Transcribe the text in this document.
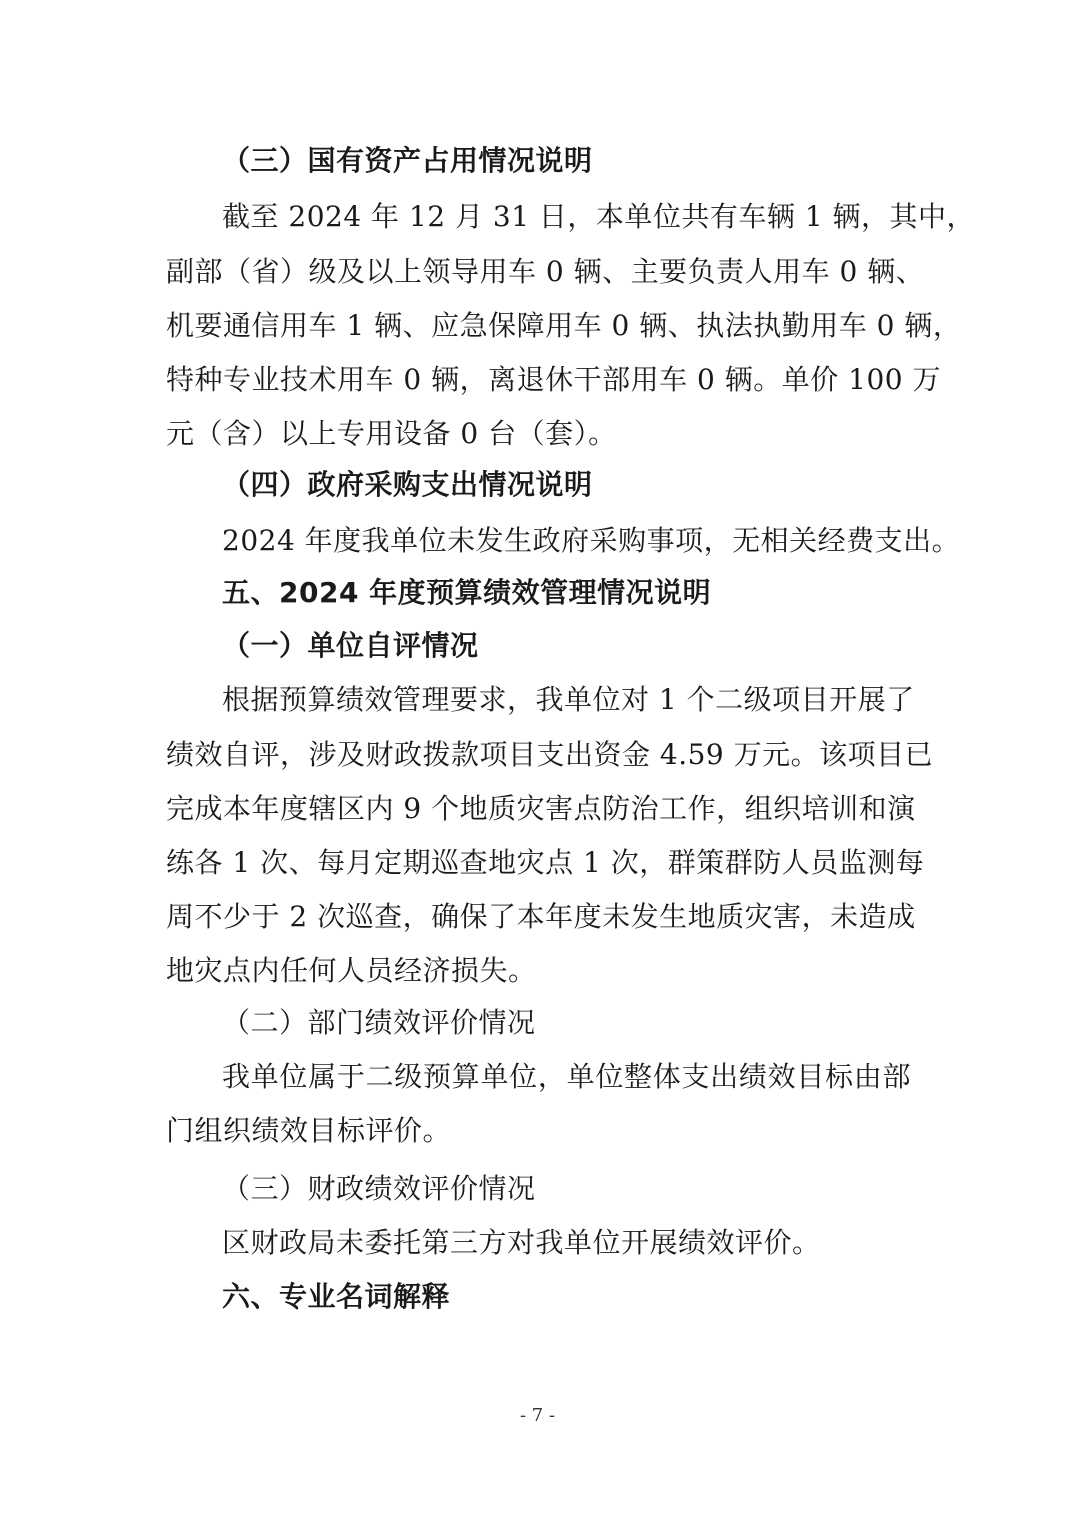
（三）国有资产占用情况说明
截至 2024 年 12 月 31 日，本单位共有车辆 1 辆，其中，
副部（省）级及以上领导用车 0 辆、主要负责人用车 0 辆、
机要通信用车 1 辆、应急保障用车 0 辆、执法执勤用车 0 辆，
特种专业技术用车 0 辆，离退休干部用车 0 辆。单价 100 万
元（含）以上专用设备 0 台（套）。
（四）政府采购支出情况说明
2024 年度我单位未发生政府采购事项，无相关经费支出。
五、2024 年度预算绩效管理情况说明
（一）单位自评情况
根据预算绩效管理要求，我单位对 1 个二级项目开展了
绩效自评，涉及财政拨款项目支出资金 4.59 万元。该项目已
完成本年度辖区内 9 个地质灾害点防治工作，组织培训和演
练各 1 次、每月定期巡查地灾点 1 次，群策群防人员监测每
周不少于 2 次巡查，确保了本年度未发生地质灾害，未造成
地灾点内任何人员经济损失。
（二）部门绩效评价情况
我单位属于二级预算单位，单位整体支出绩效目标由部
门组织绩效目标评价。
（三）财政绩效评价情况
区财政局未委托第三方对我单位开展绩效评价。
六、专业名词解释
- 7 -
